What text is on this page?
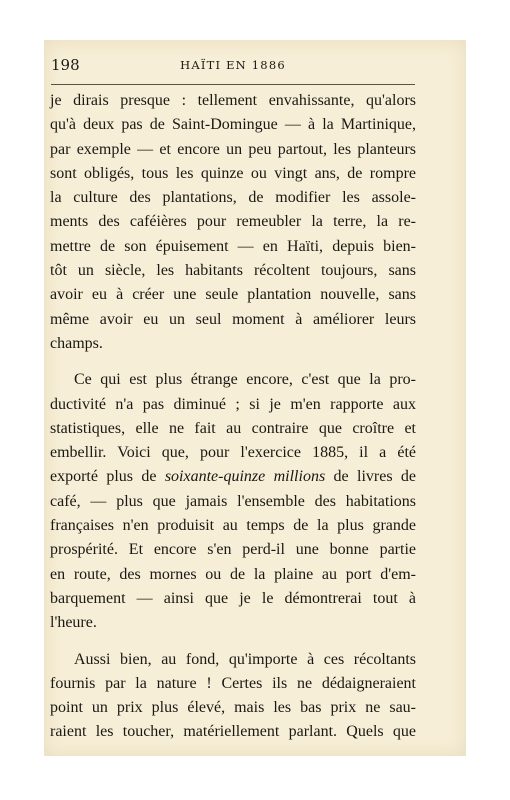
198	HAÏTI EN 1886
je dirais presque : tellement envahissante, qu'alors
qu'à deux pas de Saint-Domingue — à la Martinique,
par exemple — et encore un peu partout, les planteurs
sont obligés, tous les quinze ou vingt ans, de rompre
la culture des plantations, de modifier les assole-
ments des caféières pour remeubler la terre, la re-
mettre de son épuisement — en Haïti, depuis bien-
tôt un siècle, les habitants récoltent toujours, sans
avoir eu à créer une seule plantation nouvelle, sans
même avoir eu un seul moment à améliorer leurs
champs.
Ce qui est plus étrange encore, c'est que la pro-
ductivité n'a pas diminué ; si je m'en rapporte aux
statistiques, elle ne fait au contraire que croître et
embellir. Voici que, pour l'exercice 1885, il a été
exporté plus de soixante-quinze millions de livres de
café, — plus que jamais l'ensemble des habitations
françaises n'en produisit au temps de la plus grande
prospérité. Et encore s'en perd-il une bonne partie
en route, des mornes ou de la plaine au port d'em-
barquement — ainsi que je le démontrerai tout à
l'heure.
Aussi bien, au fond, qu'importe à ces récoltants
fournis par la nature ! Certes ils ne dédaigneraient
point un prix plus élevé, mais les bas prix ne sau-
raient les toucher, matériellement parlant. Quels que
